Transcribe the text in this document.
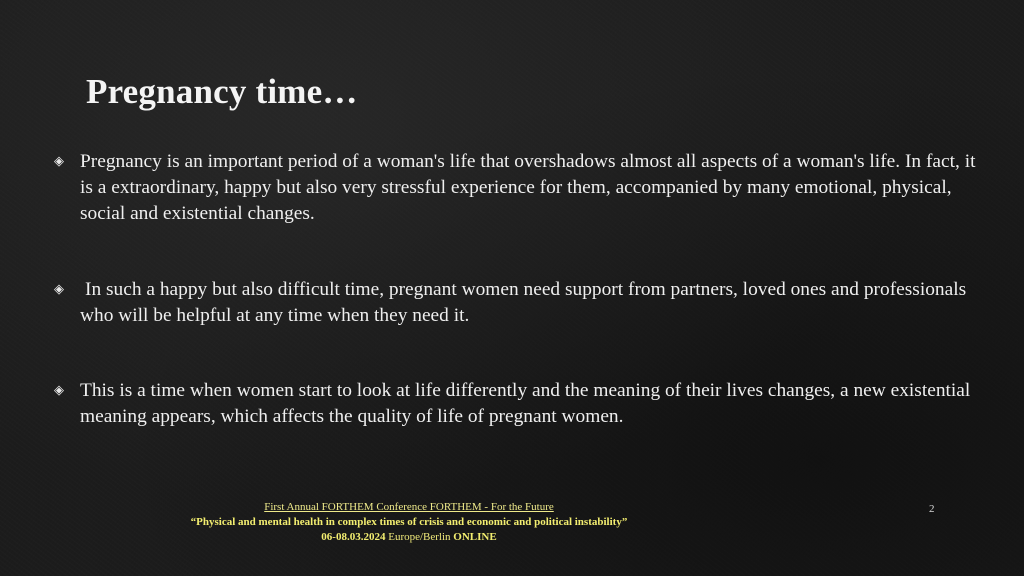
Pregnancy time…
◈ Pregnancy is an important period of a woman's life that overshadows almost all aspects of a woman's life. In fact, it is a extraordinary, happy but also very stressful experience for them, accompanied by many emotional, physical, social and existential changes.
◈	In such a happy but also difficult time, pregnant women need support from partners, loved ones and professionals who will be helpful at any time when they need it.
◈ This is a time when women start to look at life differently and the meaning of their lives changes, a new existential meaning appears, which affects the quality of life of pregnant women.
First Annual FORTHEM Conference FORTHEM - For the Future
“Physical and mental health in complex times of crisis and economic and political instability”
06-08.03.2024 Europe/Berlin ONLINE
2
